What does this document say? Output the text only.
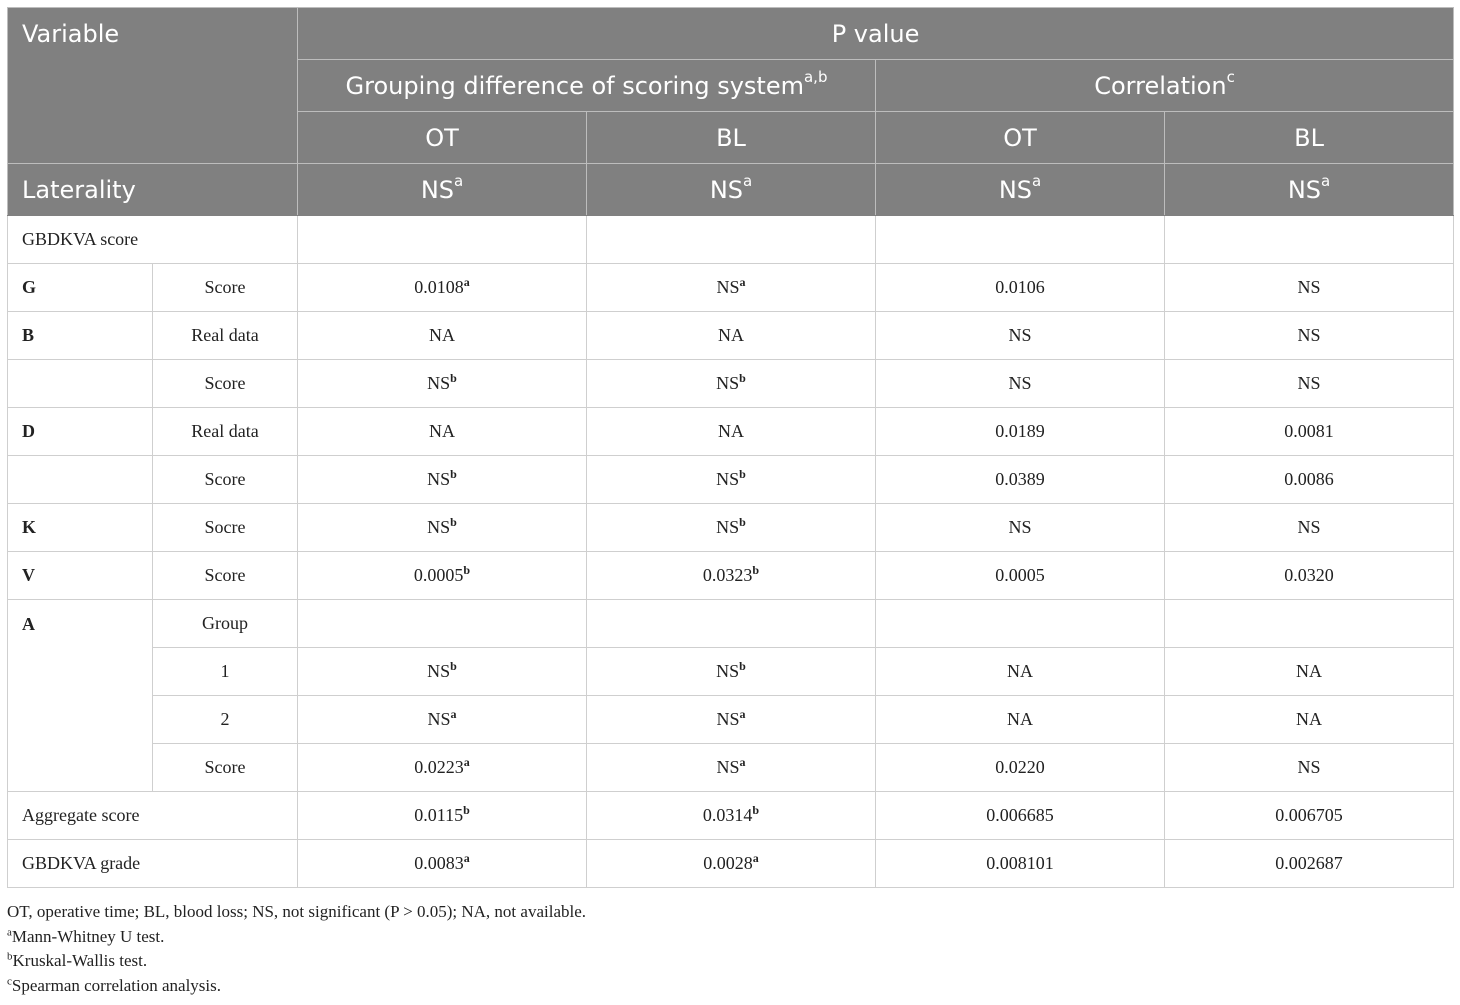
Variable		P value			
		Grouping difference of scoring system$^{a,b}$		Correlation$^c$
		OT	BL	OT	BL
Laterality		$NS^a$	$NS^a$	$NS^a$	$NS^a$
GBDKVA score					
G	Score	0.0108$^a$	$NS^a$	0.0106	NS
B	Real data	NA	NA	NS	NS
	Score	$NS^b$	$NS^b$	NS	NS
D	Real data	NA	NA	0.0189	0.0081
	Score	$NS^b$	$NS^b$	0.0389	0.0086
K	Socre	$NS^b$	$NS^b$	NS	NS
V	Score	0.0005$^b$	0.0323$^b$	0.0005	0.0320
A	Group				
	1	$NS^b$	$NS^b$	NA	NA
	2	$NS^a$	$NS^a$	NA	NA
	Score	0.0223$^a$	$NS^a$	0.0220	NS
Aggregate score		0.0115$^b$	0.0314$^b$	0.006685	0.006705
GBDKVA grade		0.0083$^a$	0.0028$^a$	0.008101	0.002687
OT, operative time; BL, blood loss; NS, not significant (P > 0.05); NA, not available.
$^a$Mann-Whitney U test.
$^b$Kruskal-Wallis test.
$^c$Spearman correlation analysis.
